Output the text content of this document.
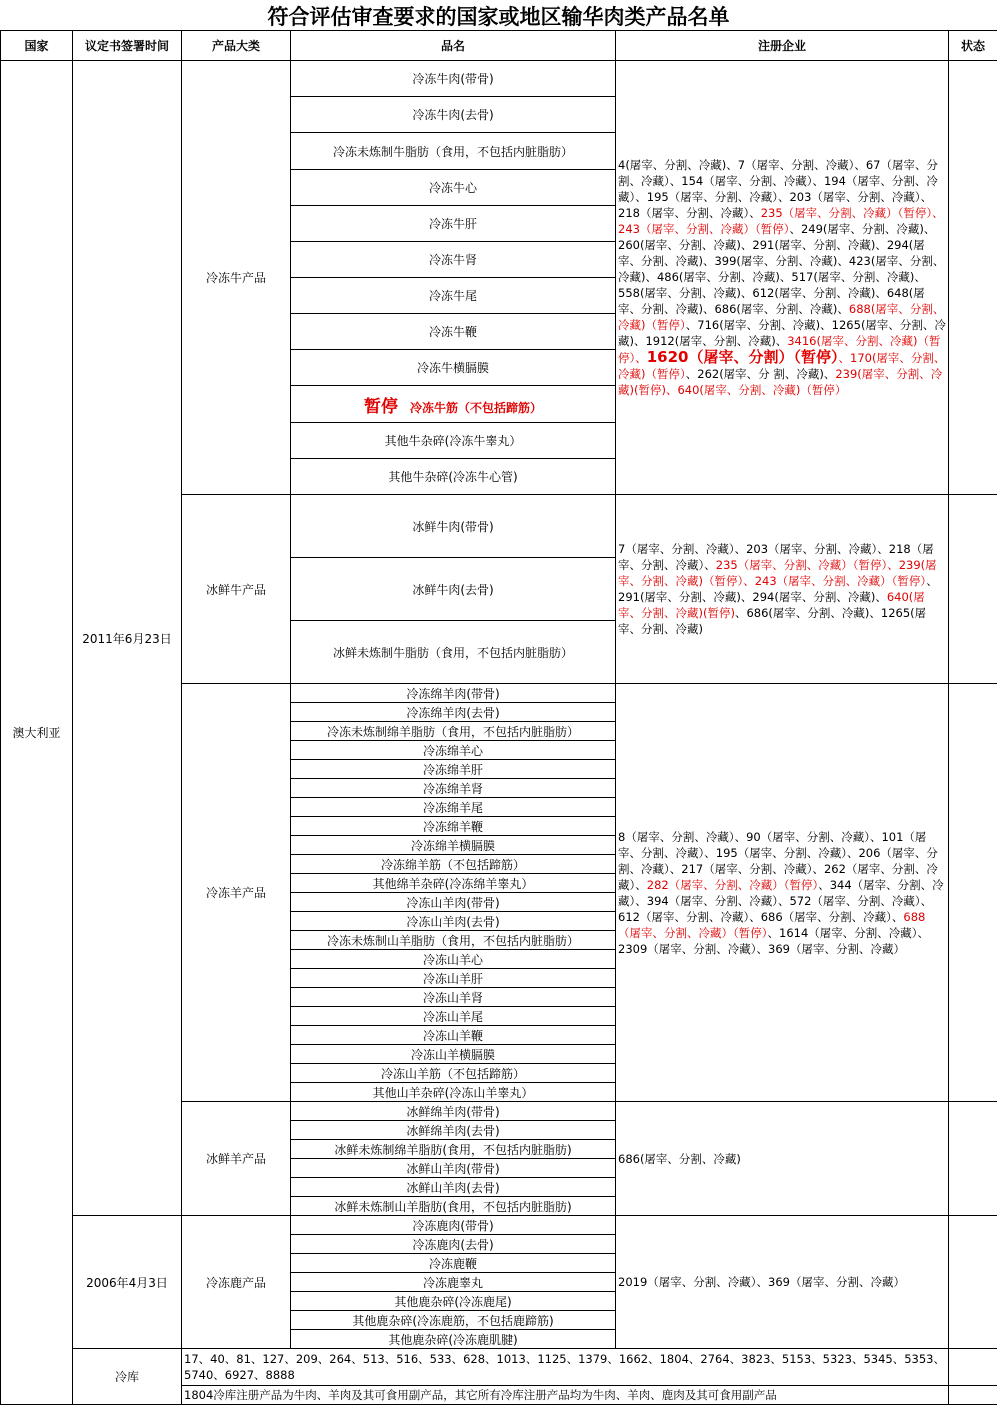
符合评估审查要求的国家或地区输华肉类产品名单
国家	议定书签署时间	产品大类	品名	注册企业	状态
澳大利亚	2011年6月23日	冷冻牛产品	冷冻牛肉(带骨)	4(屠宰、分割、冷藏)、7（屠宰、分割、冷藏）、67（屠宰、分割、冷藏）、154（屠宰、分割、冷藏）、194（屠宰、分割、冷藏）、195（屠宰、分割、冷藏）、203（屠宰、分割、冷藏）、218（屠宰、分割、冷藏）、235（屠宰、分割、冷藏）（暂停）、243（屠宰、分割、冷藏）（暂停）、249(屠宰、分割、冷藏)、260(屠宰、分割、冷藏)、291(屠宰、分割、冷藏)、294(屠宰、分割、冷藏)、399(屠宰、分割、冷藏)、423(屠宰、分割、冷藏)、486(屠宰、分割、冷藏)、517(屠宰、分割、冷藏)、558(屠宰、分割、冷藏)、612(屠宰、分割、冷藏)、648(屠宰、分割、冷藏)、686(屠宰、分割、冷藏)、688(屠宰、分割、冷藏)（暂停）、716(屠宰、分割、冷藏)、1265(屠宰、分割、冷藏)、1912(屠宰、分割、冷藏)、3416(屠宰、分割、冷藏)（暂停）、1620（屠宰、分割）（暂停）、170(屠宰、分割、冷藏)（暂停）、262(屠宰、分 割、冷藏)、239(屠宰、分割、冷藏)(暂停)、640(屠宰、分割、冷藏)（暂停）	
			冷冻牛肉(去骨)		
			冷冻未炼制牛脂肪（食用，不包括内脏脂肪）		
			冷冻牛心		
			冷冻牛肝		
			冷冻牛肾		
			冷冻牛尾		
			冷冻牛鞭		
			冷冻牛横膈膜		
			暂停 冷冻牛筋（不包括蹄筋）		
			其他牛杂碎(冷冻牛睾丸）		
			其他牛杂碎(冷冻牛心管)		
		冰鲜牛产品	冰鲜牛肉(带骨)	7（屠宰、分割、冷藏）、203（屠宰、分割、冷藏）、218（屠宰、分割、冷藏）、235（屠宰、分割、冷藏）（暂停）、239(屠宰、分割、冷藏)（暂停）、243（屠宰、分割、冷藏）（暂停）、291(屠宰、分割、冷藏)、294(屠宰、分割、冷藏)、640(屠宰、分割、冷藏)(暂停)、686(屠宰、分割、冷藏)、1265(屠宰、分割、冷藏)	
			冰鲜牛肉(去骨)		
			冰鲜未炼制牛脂肪（食用，不包括内脏脂肪）		
		冷冻羊产品	冷冻绵羊肉(带骨)	8（屠宰、分割、冷藏）、90（屠宰、分割、冷藏）、101（屠宰、分割、冷藏）、195（屠宰、分割、冷藏）、206（屠宰、分割、冷藏）、217（屠宰、分割、冷藏）、262（屠宰、分割、冷藏）、282（屠宰、分割、冷藏）（暂停）、344（屠宰、分割、冷藏）、394（屠宰、分割、冷藏）、572（屠宰、分割、冷藏）、612（屠宰、分割、冷藏）、686（屠宰、分割、冷藏）、688（屠宰、分割、冷藏）（暂停）、1614（屠宰、分割、冷藏）、2309（屠宰、分割、冷藏）、369（屠宰、分割、冷藏）	
			冷冻绵羊肉(去骨)		
			冷冻未炼制绵羊脂肪（食用，不包括内脏脂肪）		
			冷冻绵羊心		
			冷冻绵羊肝		
			冷冻绵羊肾		
			冷冻绵羊尾		
			冷冻绵羊鞭		
			冷冻绵羊横膈膜		
			冷冻绵羊筋（不包括蹄筋）		
			其他绵羊杂碎(冷冻绵羊睾丸）		
			冷冻山羊肉(带骨)		
			冷冻山羊肉(去骨)		
			冷冻未炼制山羊脂肪（食用，不包括内脏脂肪）		
			冷冻山羊心		
			冷冻山羊肝		
			冷冻山羊肾		
			冷冻山羊尾		
			冷冻山羊鞭		
			冷冻山羊横膈膜		
			冷冻山羊筋（不包括蹄筋）		
			其他山羊杂碎(冷冻山羊睾丸）		
		冰鲜羊产品	冰鲜绵羊肉(带骨)	686(屠宰、分割、冷藏)	
			冰鲜绵羊肉(去骨)		
			冰鲜未炼制绵羊脂肪(食用，不包括内脏脂肪)		
			冰鲜山羊肉(带骨)		
			冰鲜山羊肉(去骨)		
			冰鲜未炼制山羊脂肪(食用，不包括内脏脂肪)		
	2006年4月3日	冷冻鹿产品	冷冻鹿肉(带骨)	2019（屠宰、分割、冷藏）、369（屠宰、分割、冷藏）	
			冷冻鹿肉(去骨)		
			冷冻鹿鞭		
			冷冻鹿睾丸		
			其他鹿杂碎(冷冻鹿尾)		
			其他鹿杂碎(冷冻鹿筋，不包括鹿蹄筋)		
			其他鹿杂碎(冷冻鹿肌腱)		
	冷库	17、40、81、127、209、264、513、516、533、628、1013、1125、1379、1662、1804、2764、3823、5153、5323、5345、5353、5740、6927、8888			
		1804冷库注册产品为牛肉、羊肉及其可食用副产品，其它所有冷库注册产品均为牛肉、羊肉、鹿肉及其可食用副产品			
